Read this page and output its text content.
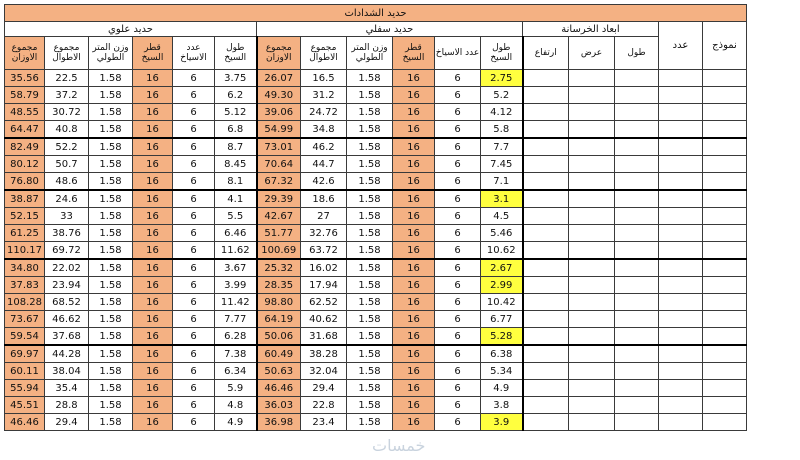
حديد الشدادات																
حديد علوي						حديد سفلي						ابعاد الخرسانة			عدد	نموذج
مجموع الاوزان	مجموع الاطوال	وزن المتر الطولي	قطر السيخ	عدد الاسياخ	طول السيخ	مجموع الاوزان	مجموع الاطوال	وزن المتر الطولي	قطر السيخ	عدد الاسياخ	طول السيخ	ارتفاع	عرض	طول		
35.56	22.5	1.58	16	6	3.75	26.07	16.5	1.58	16	6	2.75					
58.79	37.2	1.58	16	6	6.2	49.30	31.2	1.58	16	6	5.2					
48.55	30.72	1.58	16	6	5.12	39.06	24.72	1.58	16	6	4.12					
64.47	40.8	1.58	16	6	6.8	54.99	34.8	1.58	16	6	5.8					
82.49	52.2	1.58	16	6	8.7	73.01	46.2	1.58	16	6	7.7					
80.12	50.7	1.58	16	6	8.45	70.64	44.7	1.58	16	6	7.45					
76.80	48.6	1.58	16	6	8.1	67.32	42.6	1.58	16	6	7.1					
38.87	24.6	1.58	16	6	4.1	29.39	18.6	1.58	16	6	3.1					
52.15	33	1.58	16	6	5.5	42.67	27	1.58	16	6	4.5					
61.25	38.76	1.58	16	6	6.46	51.77	32.76	1.58	16	6	5.46					
110.17	69.72	1.58	16	6	11.62	100.69	63.72	1.58	16	6	10.62					
34.80	22.02	1.58	16	6	3.67	25.32	16.02	1.58	16	6	2.67					
37.83	23.94	1.58	16	6	3.99	28.35	17.94	1.58	16	6	2.99					
108.28	68.52	1.58	16	6	11.42	98.80	62.52	1.58	16	6	10.42					
73.67	46.62	1.58	16	6	7.77	64.19	40.62	1.58	16	6	6.77					
59.54	37.68	1.58	16	6	6.28	50.06	31.68	1.58	16	6	5.28					
69.97	44.28	1.58	16	6	7.38	60.49	38.28	1.58	16	6	6.38					
60.11	38.04	1.58	16	6	6.34	50.63	32.04	1.58	16	6	5.34					
55.94	35.4	1.58	16	6	5.9	46.46	29.4	1.58	16	6	4.9					
45.51	28.8	1.58	16	6	4.8	36.03	22.8	1.58	16	6	3.8					
46.46	29.4	1.58	16	6	4.9	36.98	23.4	1.58	16	6	3.9					
خمسات
